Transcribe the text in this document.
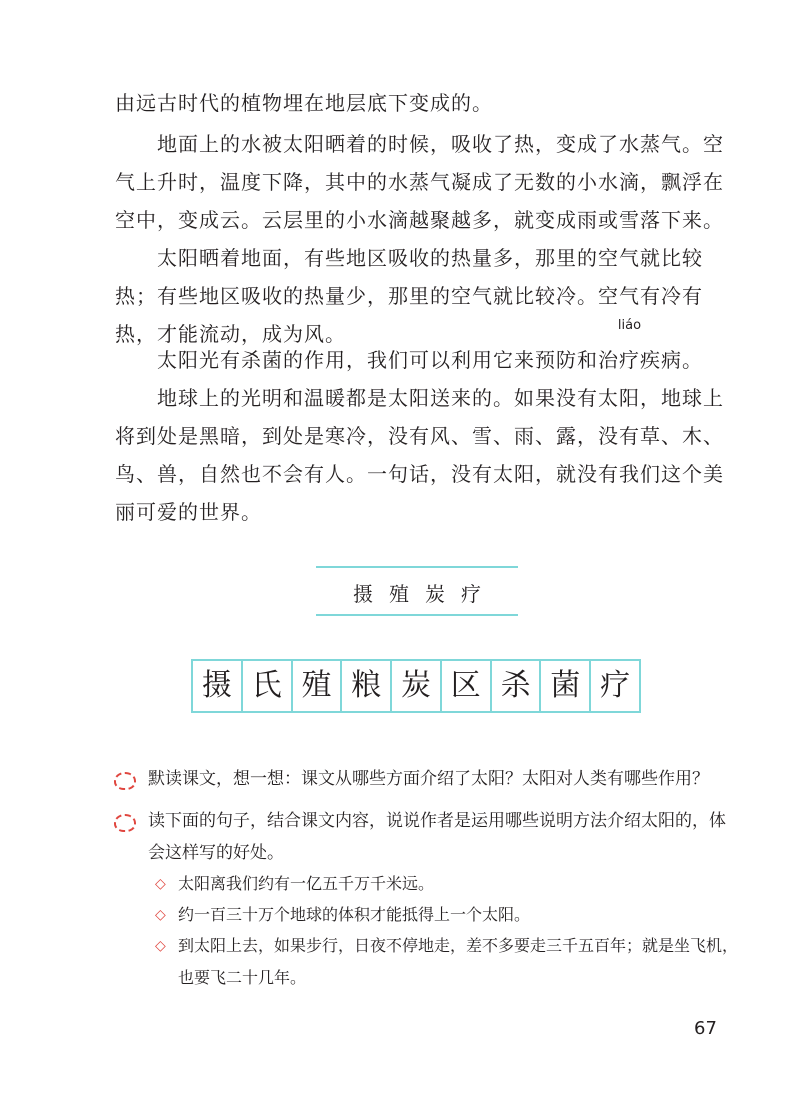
由远古时代的植物埋在地层底下变成的。

　　地面上的水被太阳晒着的时候，吸收了热，变成了水蒸气。空气上升时，温度下降，其中的水蒸气凝成了无数的小水滴，飘浮在空中，变成云。云层里的小水滴越聚越多，就变成雨或雪落下来。

　　太阳晒着地面，有些地区吸收的热量多，那里的空气就比较热；有些地区吸收的热量少，那里的空气就比较冷。空气有冷有热，才能流动，成为风。

　　太阳光有杀菌的作用，我们可以利用它来预防和治
liáo
疗疾病。

　　地球上的光明和温暖都是太阳送来的。如果没有太阳，地球上将到处是黑暗，到处是寒冷，没有风、雪、雨、露，没有草、木、鸟、兽，自然也不会有人。一句话，没有太阳，就没有我们这个美丽可爱的世界。

摄殖炭疗
摄 氏 殖 粮 炭 区 杀 菌 疗
默读课文，想一想：课文从哪些方面介绍了太阳？太阳对人类有哪些作用？
读下面的句子，结合课文内容，说说作者是运用哪些说明方法介绍太阳的，体会这样写的好处。
◇ 太阳离我们约有一亿五千万千米远。
◇ 约一百三十万个地球的体积才能抵得上一个太阳。
◇ 到太阳上去，如果步行，日夜不停地走，差不多要走三千五百年；就是坐飞机，也要飞二十几年。
67
